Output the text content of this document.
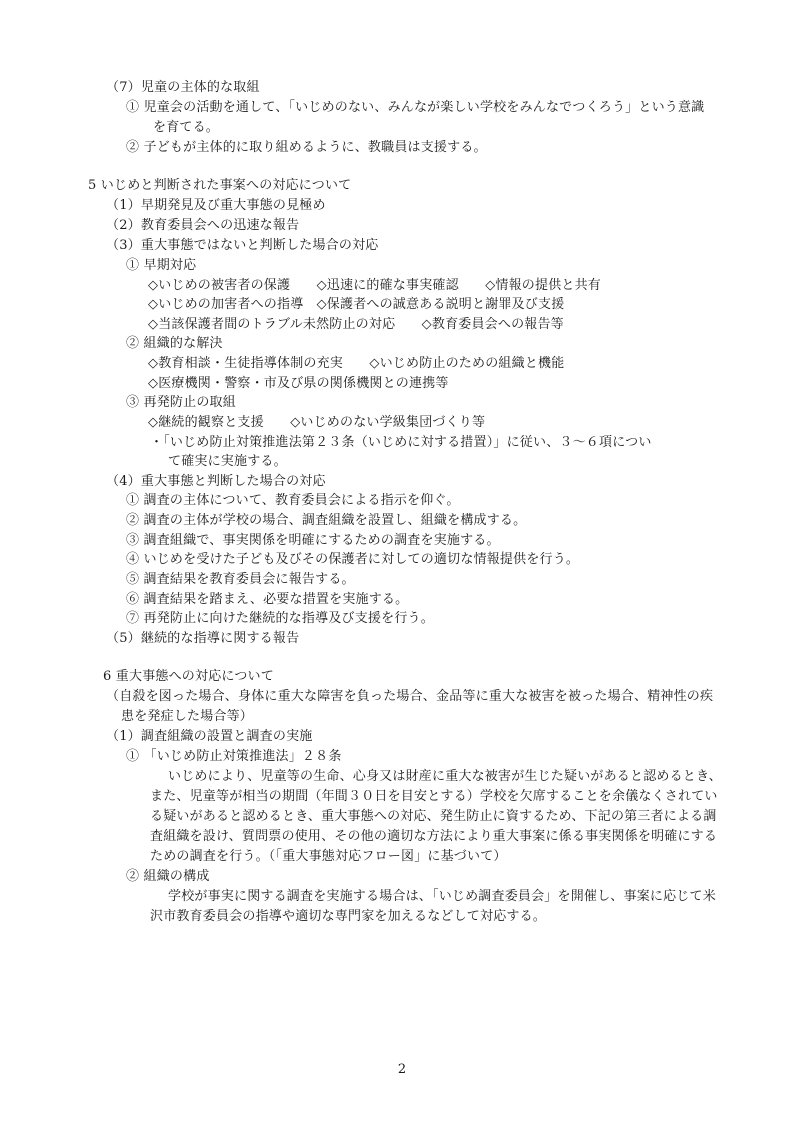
（7）児童の主体的な取組
① 児童会の活動を通して、「いじめのない、みんなが楽しい学校をみんなでつくろう」という意識
を育てる。
② 子どもが主体的に取り組めるように、教職員は支援する。
5 いじめと判断された事案への対応について
（1）早期発見及び重大事態の見極め
（2）教育委員会への迅速な報告
（3）重大事態ではないと判断した場合の対応
① 早期対応
◇いじめの被害者の保護　　◇迅速に的確な事実確認　　◇情報の提供と共有
◇いじめの加害者への指導　◇保護者への誠意ある説明と謝罪及び支援
◇当該保護者間のトラブル未然防止の対応　　◇教育委員会への報告等
② 組織的な解決
◇教育相談・生徒指導体制の充実　　◇いじめ防止のための組織と機能
◇医療機関・警察・市及び県の関係機関との連携等
③ 再発防止の取組
◇継続的観察と支援　　◇いじめのない学級集団づくり等
・「いじめ防止対策推進法第２３条（いじめに対する措置）」に従い、３～６項につい
て確実に実施する。
（4）重大事態と判断した場合の対応
① 調査の主体について、教育委員会による指示を仰ぐ。
② 調査の主体が学校の場合、調査組織を設置し、組織を構成する。
③ 調査組織で、事実関係を明確にするための調査を実施する。
④ いじめを受けた子ども及びその保護者に対しての適切な情報提供を行う。
⑤ 調査結果を教育委員会に報告する。
⑥ 調査結果を踏まえ、必要な措置を実施する。
⑦ 再発防止に向けた継続的な指導及び支援を行う。
（5）継続的な指導に関する報告
6 重大事態への対応について
（自殺を図った場合、身体に重大な障害を負った場合、金品等に重大な被害を被った場合、精神性の疾
患を発症した場合等）
（1）調査組織の設置と調査の実施
① 「いじめ防止対策推進法」２８条
いじめにより、児童等の生命、心身又は財産に重大な被害が生じた疑いがあると認めるとき、
また、児童等が相当の期間（年間３０日を目安とする）学校を欠席することを余儀なくされてい
る疑いがあると認めるとき、重大事態への対応、発生防止に資するため、下記の第三者による調
査組織を設け、質問票の使用、その他の適切な方法により重大事案に係る事実関係を明確にする
ための調査を行う。（「重大事態対応フロー図」に基づいて）
② 組織の構成
学校が事実に関する調査を実施する場合は、「いじめ調査委員会」を開催し、事案に応じて米
沢市教育委員会の指導や適切な専門家を加えるなどして対応する。
2
